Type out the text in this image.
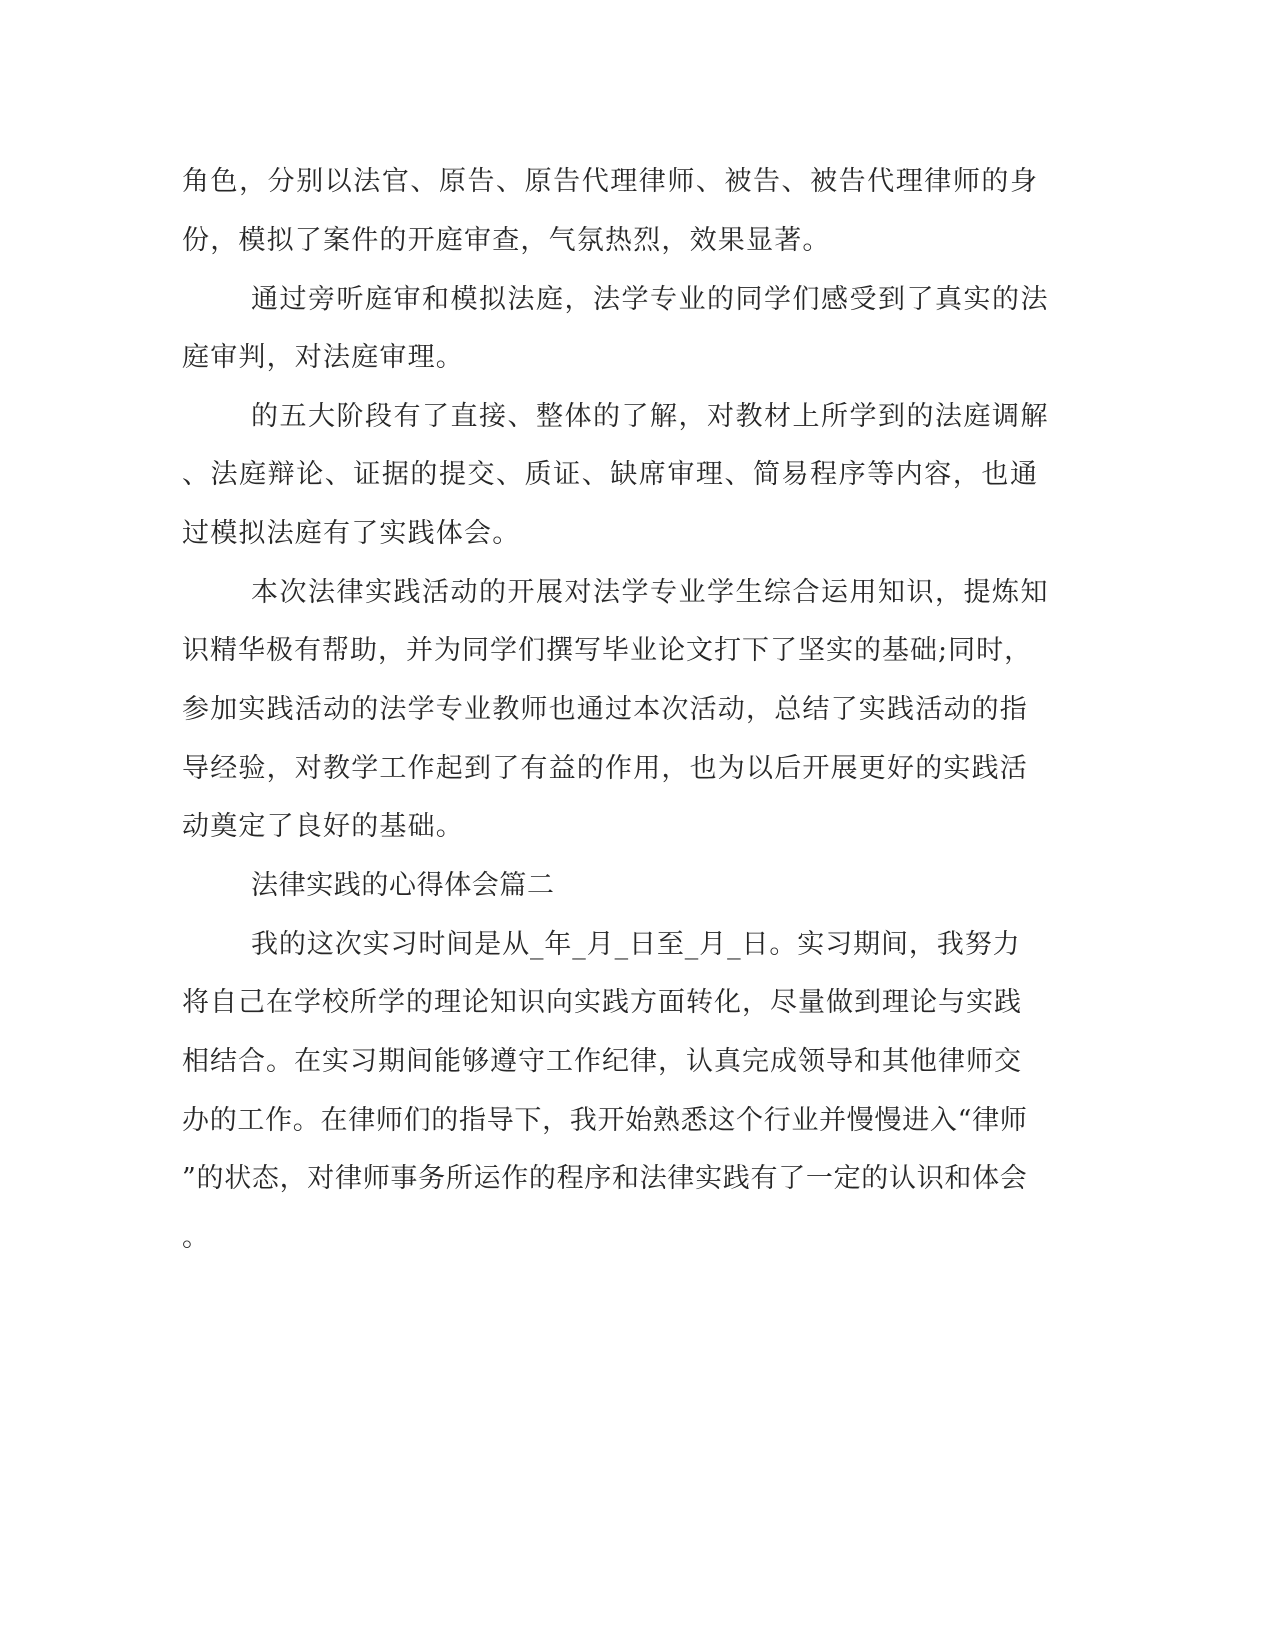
角色，分别以法官、原告、原告代理律师、被告、被告代理律师的身
份，模拟了案件的开庭审查，气氛热烈，效果显著。
通过旁听庭审和模拟法庭，法学专业的同学们感受到了真实的法
庭审判，对法庭审理。
的五大阶段有了直接、整体的了解，对教材上所学到的法庭调解
、法庭辩论、证据的提交、质证、缺席审理、简易程序等内容，也通
过模拟法庭有了实践体会。
本次法律实践活动的开展对法学专业学生综合运用知识，提炼知
识精华极有帮助，并为同学们撰写毕业论文打下了坚实的基础;同时，
参加实践活动的法学专业教师也通过本次活动，总结了实践活动的指
导经验，对教学工作起到了有益的作用，也为以后开展更好的实践活
动奠定了良好的基础。
法律实践的心得体会篇二
我的这次实习时间是从_年_月_日至_月_日。实习期间，我努力
将自己在学校所学的理论知识向实践方面转化，尽量做到理论与实践
相结合。在实习期间能够遵守工作纪律，认真完成领导和其他律师交
办的工作。在律师们的指导下，我开始熟悉这个行业并慢慢进入“律师
”的状态，对律师事务所运作的程序和法律实践有了一定的认识和体会
。
